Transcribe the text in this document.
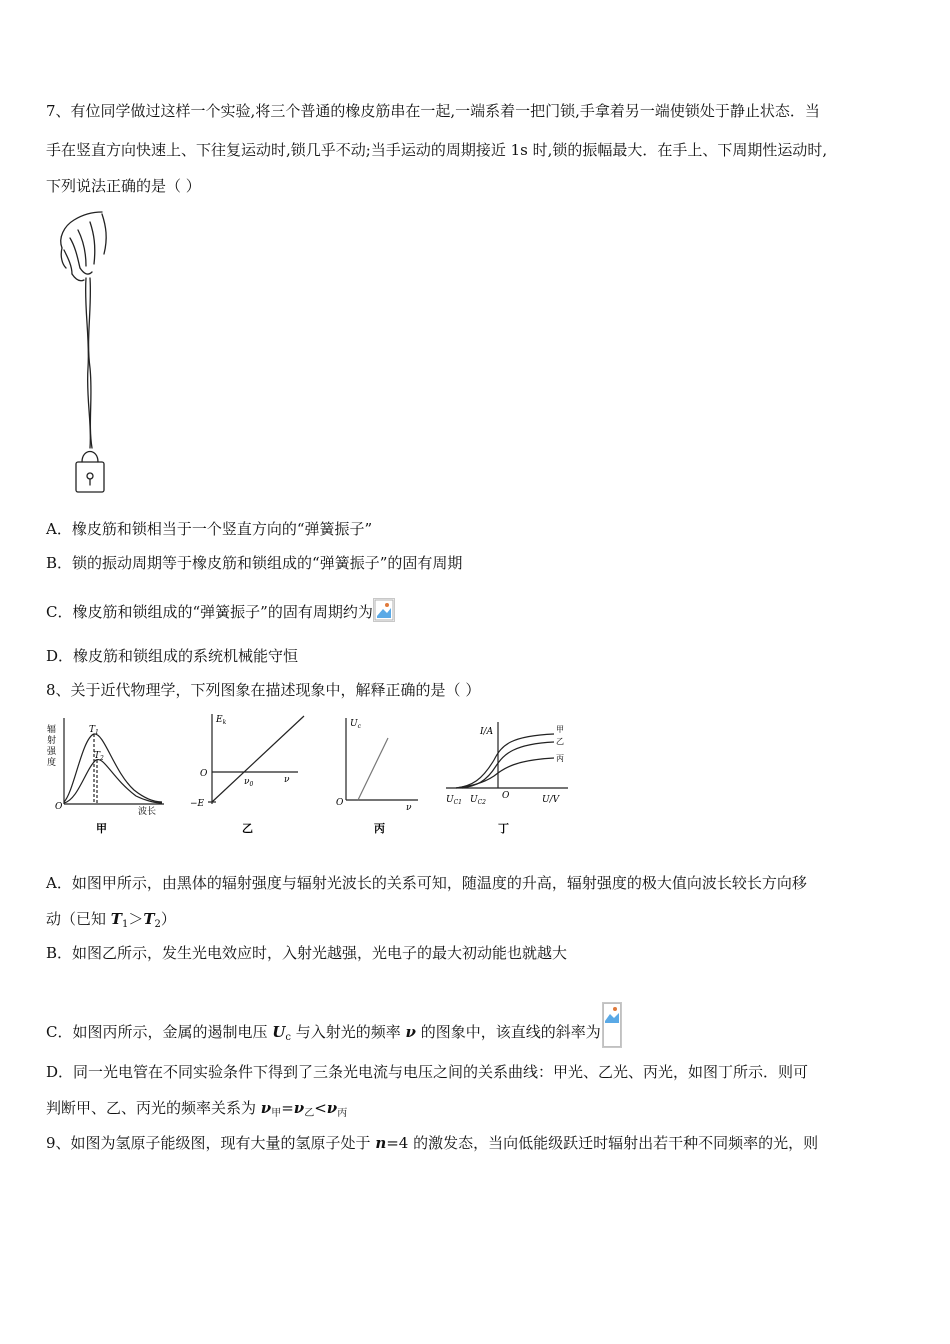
7、有位同学做过这样一个实验,将三个普通的橡皮筋串在一起,一端系着一把门锁,手拿着另一端使锁处于静止状态．当
手在竖直方向快速上、下往复运动时,锁几乎不动;当手运动的周期接近 1s 时,锁的振幅最大．在手上、下周期性运动时,
下列说法正确的是（ ）
A．橡皮筋和锁相当于一个竖直方向的“弹簧振子”
B．锁的振动周期等于橡皮筋和锁组成的“弹簧振子”的固有周期
C．橡皮筋和锁组成的“弹簧振子”的固有周期约为
D．橡皮筋和锁组成的系统机械能守恒
8、关于近代物理学，下列图象在描述现象中，解释正确的是（ ）
辐
射
强
度
$T_1$
$T_2$
O	波长
甲
$E_k$
O
−E
$\nu_0$	ν
乙
$U_c$
O	ν
丙
I/A
O
$U_{C1}$ $U_{C2}$	U/V
甲
乙
丙
丁
A．如图甲所示，由黑体的辐射强度与辐射光波长的关系可知，随温度的升高，辐射强度的极大值向波长较长方向移
动（已知 $T_1>T_2$）
B．如图乙所示，发生光电效应时，入射光越强，光电子的最大初动能也就越大
C．如图丙所示，金属的遏制电压 $U_c$ 与入射光的频率 ν 的图象中，该直线的斜率为
D．同一光电管在不同实验条件下得到了三条光电流与电压之间的关系曲线：甲光、乙光、丙光，如图丁所示．则可
判断甲、乙、丙光的频率关系为 $\nu_甲=\nu_乙<\nu_丙$
9、如图为氢原子能级图，现有大量的氢原子处于 n=4 的激发态，当向低能级跃迁时辐射出若干种不同频率的光，则
